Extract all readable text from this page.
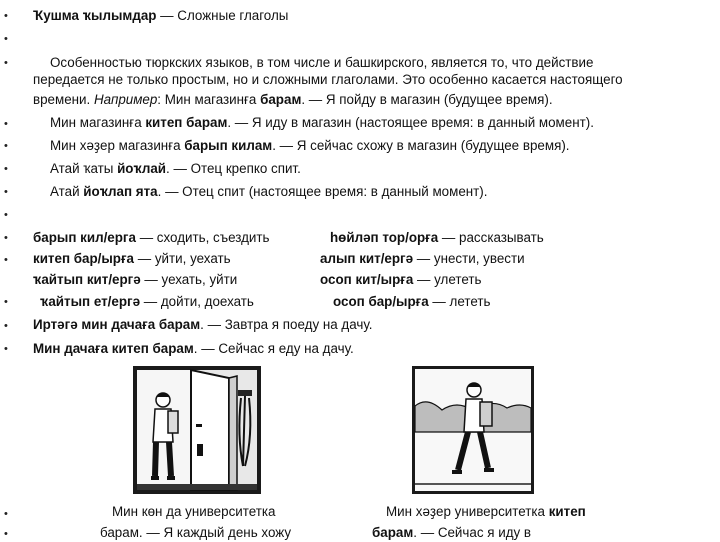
•
•
•
•
•
•
•
•
•
•
•
•
•
•
•
Ҡушма ҡылымдар — Сложные глаголы
Особенностью тюркских языков, в том числе и башкирского, является то, что действие
передается не только простым, но и сложными глаголами. Это особенно касается настоящего
времени. Например: Мин магазинға барам. — Я пойду в магазин (будущее время).
Мин магазинға китеп барам. — Я иду в магазин (настоящее время: в данный момент).
Мин хәҙер магазинға барып килам. — Я сейчас схожу в магазин (будущее время).
Атай ҡаты йоҡлай. — Отец крепко спит.
Атай йоҡлап ята. — Отец спит (настоящее время: в данный момент).
барып кил/ерга — сходить, съездить
китеп бар/ырға — уйти, уехать
ҡайтып кит/ергә — уехать, уйти
ҡайтып ет/ергә — дойти, доехать
һөйләп тор/орға — рассказывать
алып кит/ергә — унести, увести
осоп кит/ырға — улететь
осоп бар/ырға — лететь
Иртәгә мин дачаға барам. — Завтра я поеду на дачу.
Мин дачаға китеп барам. — Сейчас я еду на дачу.
Мин көн да университетка
барам. — Я каждый день хожу
Мин хәҙер университетка китеп
барам. — Сейчас я иду в
